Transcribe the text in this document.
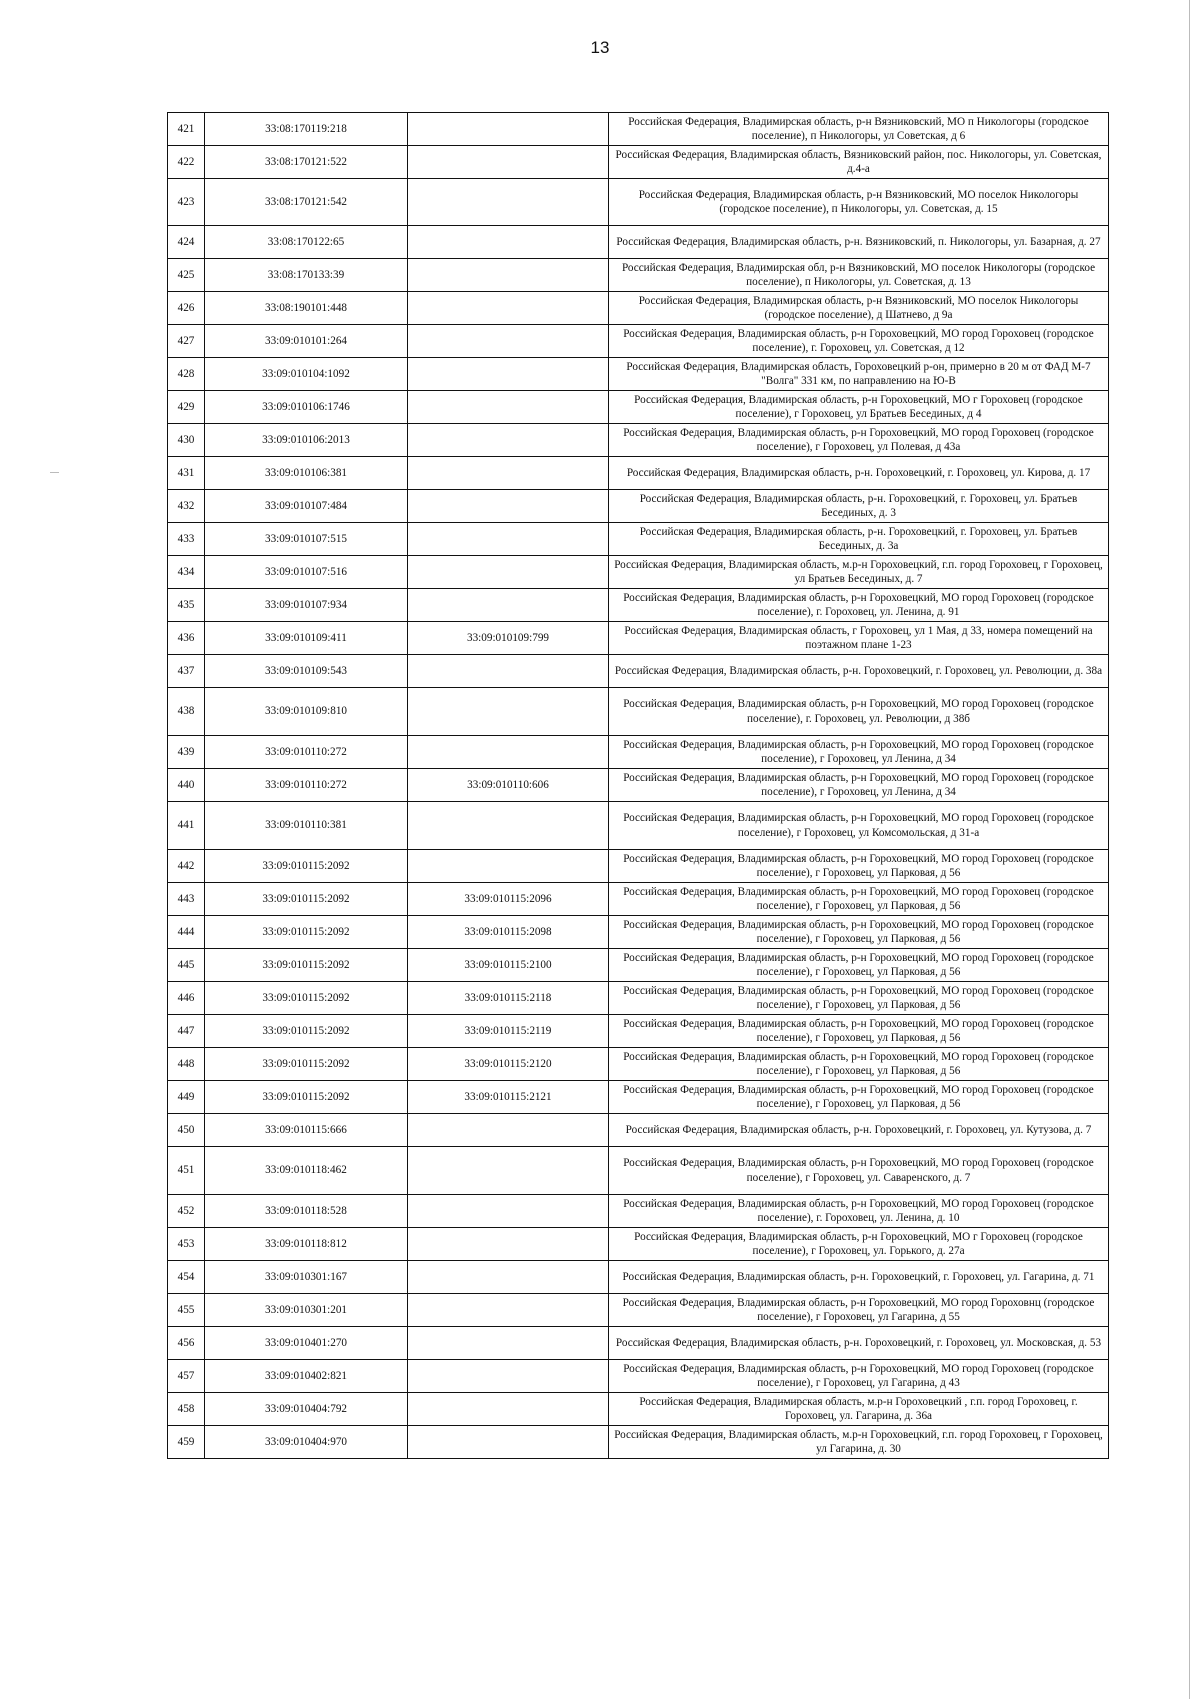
13
421	33:08:170119:218		Российская Федерация, Владимирская область, р-н Вязниковский, МО п Никологоры (городское поселение), п Никологоры, ул Советская, д 6
422	33:08:170121:522		Российская Федерация, Владимирская область, Вязниковский район, пос. Никологоры, ул. Советская, д.4-а
423	33:08:170121:542		Российская Федерация, Владимирская область, р-н Вязниковский, МО поселок Никологоры (городское поселение), п Никологоры, ул. Советская, д. 15
424	33:08:170122:65		Российская Федерация, Владимирская область, р-н. Вязниковский, п. Никологоры, ул. Базарная, д. 27
425	33:08:170133:39		Российская Федерация, Владимирская обл, р-н Вязниковский, МО поселок Никологоры (городское поселение), п Никологоры, ул. Советская, д. 13
426	33:08:190101:448		Российская Федерация, Владимирская область, р-н Вязниковский, МО поселок Никологоры (городское поселение), д Шатнево, д 9а
427	33:09:010101:264		Российская Федерация, Владимирская область, р-н Гороховецкий, МО город Гороховец (городское поселение), г. Гороховец, ул. Советская, д 12
428	33:09:010104:1092		Российская Федерация, Владимирская область, Гороховецкий р-он, примерно в 20 м от ФАД М-7 "Волга" 331 км, по направлению на Ю-В
429	33:09:010106:1746		Российская Федерация, Владимирская область, р-н Гороховецкий, МО г Гороховец (городское поселение), г Гороховец, ул Братьев Бесединых, д 4
430	33:09:010106:2013		Российская Федерация, Владимирская область, р-н Гороховецкий, МО город Гороховец (городское поселение), г Гороховец, ул Полевая, д 43а
431	33:09:010106:381		Российская Федерация, Владимирская область, р-н. Гороховецкий, г. Гороховец, ул. Кирова, д. 17
432	33:09:010107:484		Российская Федерация, Владимирская область, р-н. Гороховецкий, г. Гороховец, ул. Братьев Бесединых, д. 3
433	33:09:010107:515		Российская Федерация, Владимирская область, р-н. Гороховецкий, г. Гороховец, ул. Братьев Бесединых, д. 3а
434	33:09:010107:516		Российская Федерация, Владимирская область, м.р-н Гороховецкий, г.п. город Гороховец, г Гороховец, ул Братьев Бесединых, д. 7
435	33:09:010107:934		Российская Федерация, Владимирская область, р-н Гороховецкий, МО город Гороховец (городское поселение), г. Гороховец, ул. Ленина, д. 91
436	33:09:010109:411	33:09:010109:799	Российская Федерация, Владимирская область, г Гороховец, ул 1 Мая, д 33, номера помещений на поэтажном плане 1-23
437	33:09:010109:543		Российская Федерация, Владимирская область, р-н. Гороховецкий, г. Гороховец, ул. Революции, д. 38а
438	33:09:010109:810		Российская Федерация, Владимирская область, р-н Гороховецкий, МО город Гороховец (городское поселение), г. Гороховец, ул. Революции, д 38б
439	33:09:010110:272		Российская Федерация, Владимирская область, р-н Гороховецкий, МО город Гороховец (городское поселение), г Гороховец, ул Ленина, д 34
440	33:09:010110:272	33:09:010110:606	Российская Федерация, Владимирская область, р-н Гороховецкий, МО город Гороховец (городское поселение), г Гороховец, ул Ленина, д 34
441	33:09:010110:381		Российская Федерация, Владимирская область, р-н Гороховецкий, МО город Гороховец (городское поселение), г Гороховец, ул Комсомольская, д 31-а
442	33:09:010115:2092		Российская Федерация, Владимирская область, р-н Гороховецкий, МО город Гороховец (городское поселение), г Гороховец, ул Парковая, д 56
443	33:09:010115:2092	33:09:010115:2096	Российская Федерация, Владимирская область, р-н Гороховецкий, МО город Гороховец (городское поселение), г Гороховец, ул Парковая, д 56
444	33:09:010115:2092	33:09:010115:2098	Российская Федерация, Владимирская область, р-н Гороховецкий, МО город Гороховец (городское поселение), г Гороховец, ул Парковая, д 56
445	33:09:010115:2092	33:09:010115:2100	Российская Федерация, Владимирская область, р-н Гороховецкий, МО город Гороховец (городское поселение), г Гороховец, ул Парковая, д 56
446	33:09:010115:2092	33:09:010115:2118	Российская Федерация, Владимирская область, р-н Гороховецкий, МО город Гороховец (городское поселение), г Гороховец, ул Парковая, д 56
447	33:09:010115:2092	33:09:010115:2119	Российская Федерация, Владимирская область, р-н Гороховецкий, МО город Гороховец (городское поселение), г Гороховец, ул Парковая, д 56
448	33:09:010115:2092	33:09:010115:2120	Российская Федерация, Владимирская область, р-н Гороховецкий, МО город Гороховец (городское поселение), г Гороховец, ул Парковая, д 56
449	33:09:010115:2092	33:09:010115:2121	Российская Федерация, Владимирская область, р-н Гороховецкий, МО город Гороховец (городское поселение), г Гороховец, ул Парковая, д 56
450	33:09:010115:666		Российская Федерация, Владимирская область, р-н. Гороховецкий, г. Гороховец, ул. Кутузова, д. 7
451	33:09:010118:462		Российская Федерация, Владимирская область, р-н Гороховецкий, МО город Гороховец (городское поселение), г Гороховец, ул. Саваренского, д. 7
452	33:09:010118:528		Российская Федерация, Владимирская область, р-н Гороховецкий, МО город Гороховец (городское поселение), г. Гороховец, ул. Ленина, д. 10
453	33:09:010118:812		Российская Федерация, Владимирская область, р-н Гороховецкий, МО г Гороховец (городское поселение), г Гороховец, ул. Горького, д. 27а
454	33:09:010301:167		Российская Федерация, Владимирская область, р-н. Гороховецкий, г. Гороховец, ул. Гагарина, д. 71
455	33:09:010301:201		Российская Федерация, Владимирская область, р-н Гороховецкий, МО город Гороховнц (городское поселение), г Гороховец, ул Гагарина, д 55
456	33:09:010401:270		Российская Федерация, Владимирская область, р-н. Гороховецкий, г. Гороховец, ул. Московская, д. 53
457	33:09:010402:821		Российская Федерация, Владимирская область, р-н Гороховецкий, МО город Гороховец (городское поселение), г Гороховец, ул Гагарина, д 43
458	33:09:010404:792		Российская Федерация, Владимирская область, м.р-н Гороховецкий , г.п. город Гороховец, г. Гороховец, ул. Гагарина, д. 36а
459	33:09:010404:970		Российская Федерация, Владимирская область, м.р-н Гороховецкий, г.п. город Гороховец, г Гороховец, ул Гагарина, д. 30
